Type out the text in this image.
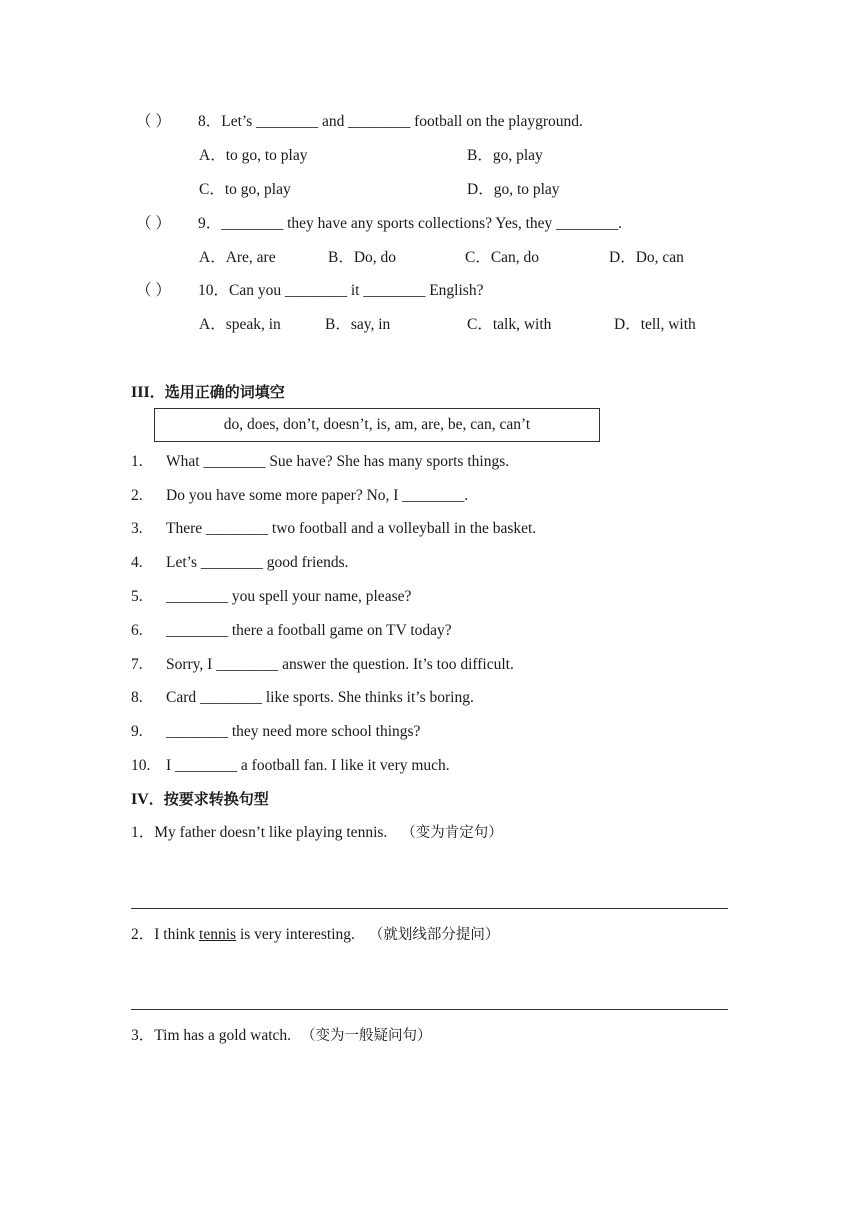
（ ） 8．Let’s ________ and ________ football on the playground.
A．to go, to play	B．go, play
C．to go, play	D．go, to play
（ ） 9．________ they have any sports collections? Yes, they ________.
A．Are, are	B．Do, do	C．Can, do	D．Do, can
（ ） 10．Can you ________ it ________ English?
A．speak, in	B．say, in	C．talk, with	D．tell, with
III．选用正确的词填空
do, does, don’t, doesn’t, is, am, are, be, can, can’t
1. What ________ Sue have? She has many sports things.
2. Do you have some more paper? No, I ________.
3. There ________ two football and a volleyball in the basket.
4. Let’s ________ good friends.
5. ________ you spell your name, please?
6. ________ there a football game on TV today?
7. Sorry, I ________ answer the question. It’s too difficult.
8. Card ________ like sports. She thinks it’s boring.
9. ________ they need more school things?
10. I ________ a football fan. I like it very much.
IV．按要求转换句型
1．My father doesn’t like playing tennis. （变为肯定句）
2．I think tennis is very interesting. （就划线部分提问）
3．Tim has a gold watch. （变为一般疑问句）
